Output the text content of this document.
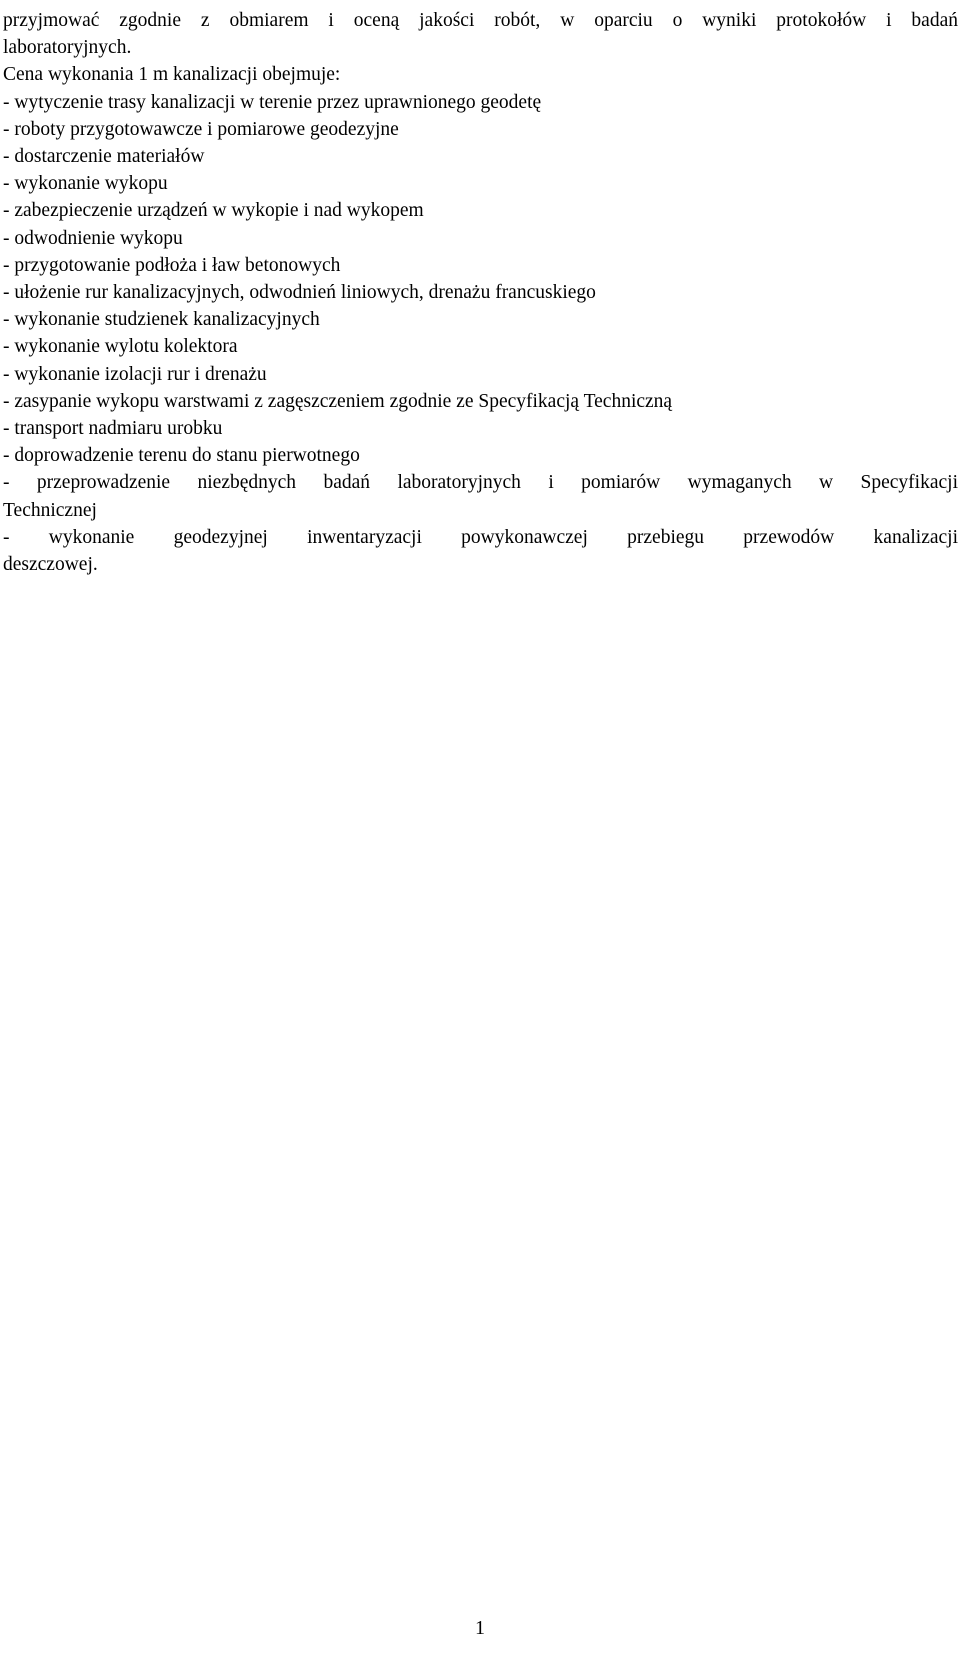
przyjmować zgodnie z obmiarem i oceną jakości robót, w oparciu o wyniki protokołów i badań
laboratoryjnych.
Cena wykonania 1 m kanalizacji obejmuje:
- wytyczenie trasy kanalizacji w terenie przez uprawnionego geodetę
- roboty przygotowawcze i pomiarowe geodezyjne
- dostarczenie materiałów
- wykonanie wykopu
- zabezpieczenie urządzeń w wykopie i nad wykopem
- odwodnienie wykopu
- przygotowanie podłoża i ław betonowych
- ułożenie rur kanalizacyjnych, odwodnień liniowych, drenażu francuskiego
- wykonanie studzienek kanalizacyjnych
- wykonanie wylotu kolektora
- wykonanie izolacji rur i drenażu
- zasypanie wykopu warstwami z zagęszczeniem zgodnie ze Specyfikacją Techniczną
- transport nadmiaru urobku
- doprowadzenie terenu do stanu pierwotnego
- przeprowadzenie niezbędnych badań laboratoryjnych i pomiarów wymaganych w Specyfikacji
Technicznej
- wykonanie geodezyjnej inwentaryzacji powykonawczej przebiegu przewodów kanalizacji
deszczowej.
1
